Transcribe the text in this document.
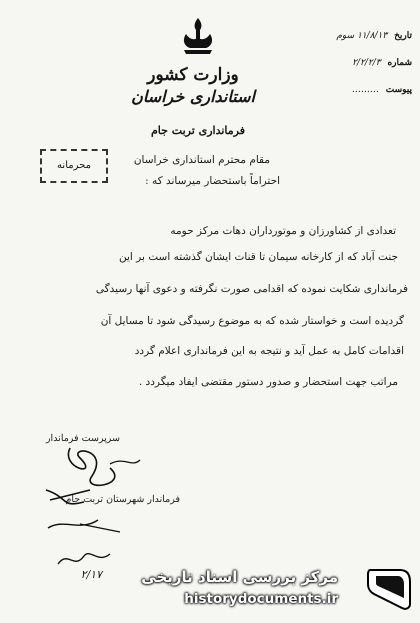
وزارت کشور
استانداری خراسان
فرمانداری تربت جام
تاریخ ۱۱/۸/۱۳ سوم
شماره ۲/۲/۲/۳
پیوست ………
محرمانه	مقام محترم استانداری خراسان
احتراماً باستحضار میرساند که :
تعدادی از کشاورزان و موتورداران دهات مرکز حومه
جنت آباد که از کارخانه سیمان تا قنات ایشان گذشته است بر این
فرمانداری شکایت نموده که اقدامی صورت نگرفته و دعوی آنها رسیدگی
گردیده است و خواستار شده که به موضوع رسیدگی شود تا مسایل آن
اقدامات کامل به عمل آید و نتیجه به این فرمانداری اعلام گردد
مراتب جهت استحضار و صدور دستور مقتضی ایفاد میگردد .
سرپرست فرماندار
فرماندار شهرستان تربت جام
۲/۱۷	مرکز بررسی اسناد تاریخی
historydocuments.ir
